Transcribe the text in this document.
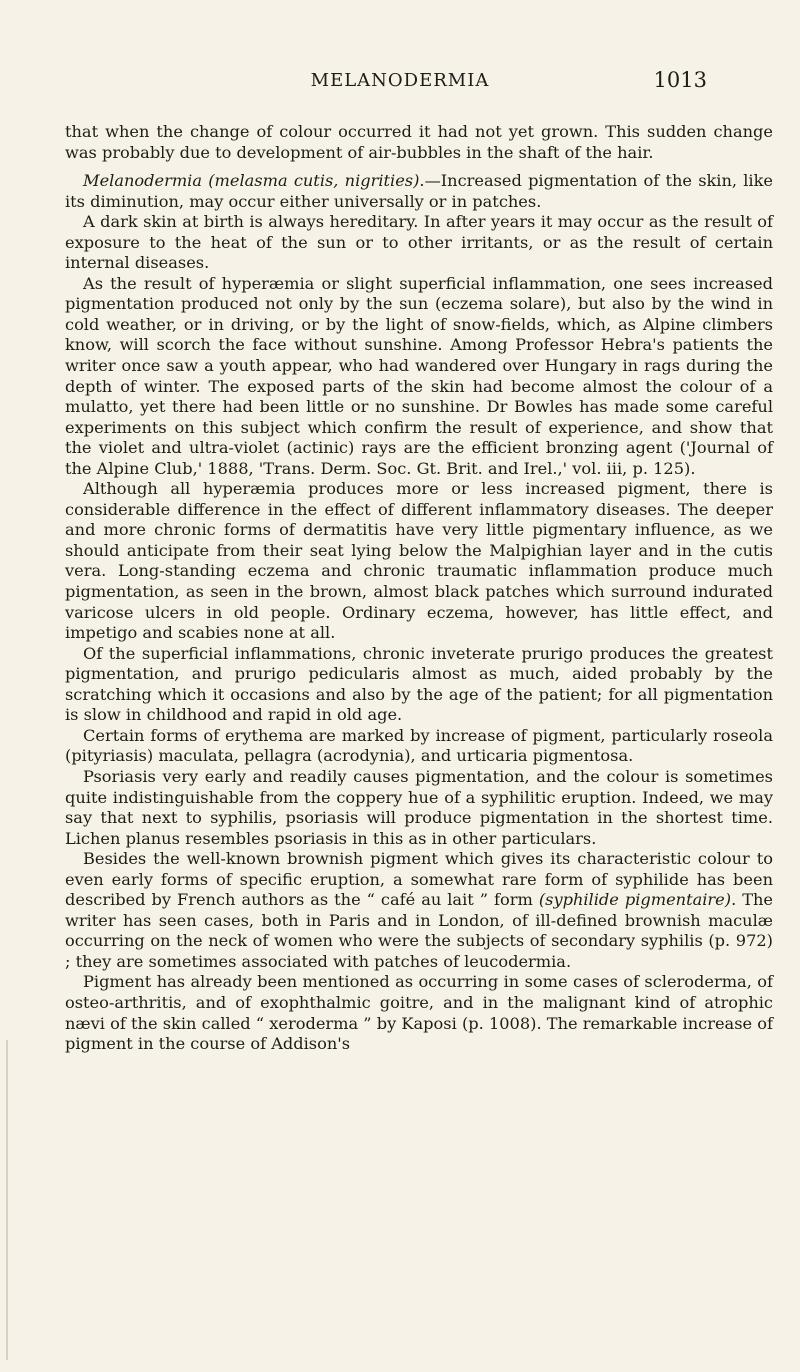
MELANODERMIA	1013

that when the change of colour occurred it had not yet grown. This sudden change was probably due to development of air-bubbles in the shaft of the hair.

Melanodermia (melasma cutis, nigrities).—Increased pigmentation of the skin, like its diminution, may occur either universally or in patches.

A dark skin at birth is always hereditary. In after years it may occur as the result of exposure to the heat of the sun or to other irritants, or as the result of certain internal diseases.

As the result of hyperæmia or slight superficial inflammation, one sees increased pigmentation produced not only by the sun (eczema solare), but also by the wind in cold weather, or in driving, or by the light of snow-fields, which, as Alpine climbers know, will scorch the face without sunshine. Among Professor Hebra's patients the writer once saw a youth appear, who had wandered over Hungary in rags during the depth of winter. The exposed parts of the skin had become almost the colour of a mulatto, yet there had been little or no sunshine. Dr Bowles has made some careful experiments on this subject which confirm the result of experience, and show that the violet and ultra-violet (actinic) rays are the efficient bronzing agent ('Journal of the Alpine Club,' 1888, 'Trans. Derm. Soc. Gt. Brit. and Irel.,' vol. iii, p. 125).

Although all hyperæmia produces more or less increased pigment, there is considerable difference in the effect of different inflammatory diseases. The deeper and more chronic forms of dermatitis have very little pigmentary influence, as we should anticipate from their seat lying below the Malpighian layer and in the cutis vera. Long-standing eczema and chronic traumatic inflammation produce much pigmentation, as seen in the brown, almost black patches which surround indurated varicose ulcers in old people. Ordinary eczema, however, has little effect, and impetigo and scabies none at all.

Of the superficial inflammations, chronic inveterate prurigo produces the greatest pigmentation, and prurigo pedicularis almost as much, aided probably by the scratching which it occasions and also by the age of the patient; for all pigmentation is slow in childhood and rapid in old age.

Certain forms of erythema are marked by increase of pigment, particularly roseola (pityriasis) maculata, pellagra (acrodynia), and urticaria pigmentosa.

Psoriasis very early and readily causes pigmentation, and the colour is sometimes quite indistinguishable from the coppery hue of a syphilitic eruption. Indeed, we may say that next to syphilis, psoriasis will produce pigmentation in the shortest time. Lichen planus resembles psoriasis in this as in other particulars.

Besides the well-known brownish pigment which gives its characteristic colour to even early forms of specific eruption, a somewhat rare form of syphilide has been described by French authors as the “ café au lait ” form (syphilide pigmentaire). The writer has seen cases, both in Paris and in London, of ill-defined brownish maculæ occurring on the neck of women who were the subjects of secondary syphilis (p. 972) ; they are sometimes associated with patches of leucodermia.

Pigment has already been mentioned as occurring in some cases of scleroderma, of osteo-arthritis, and of exophthalmic goitre, and in the malignant kind of atrophic nævi of the skin called “ xeroderma ” by Kaposi (p. 1008). The remarkable increase of pigment in the course of Addison's
